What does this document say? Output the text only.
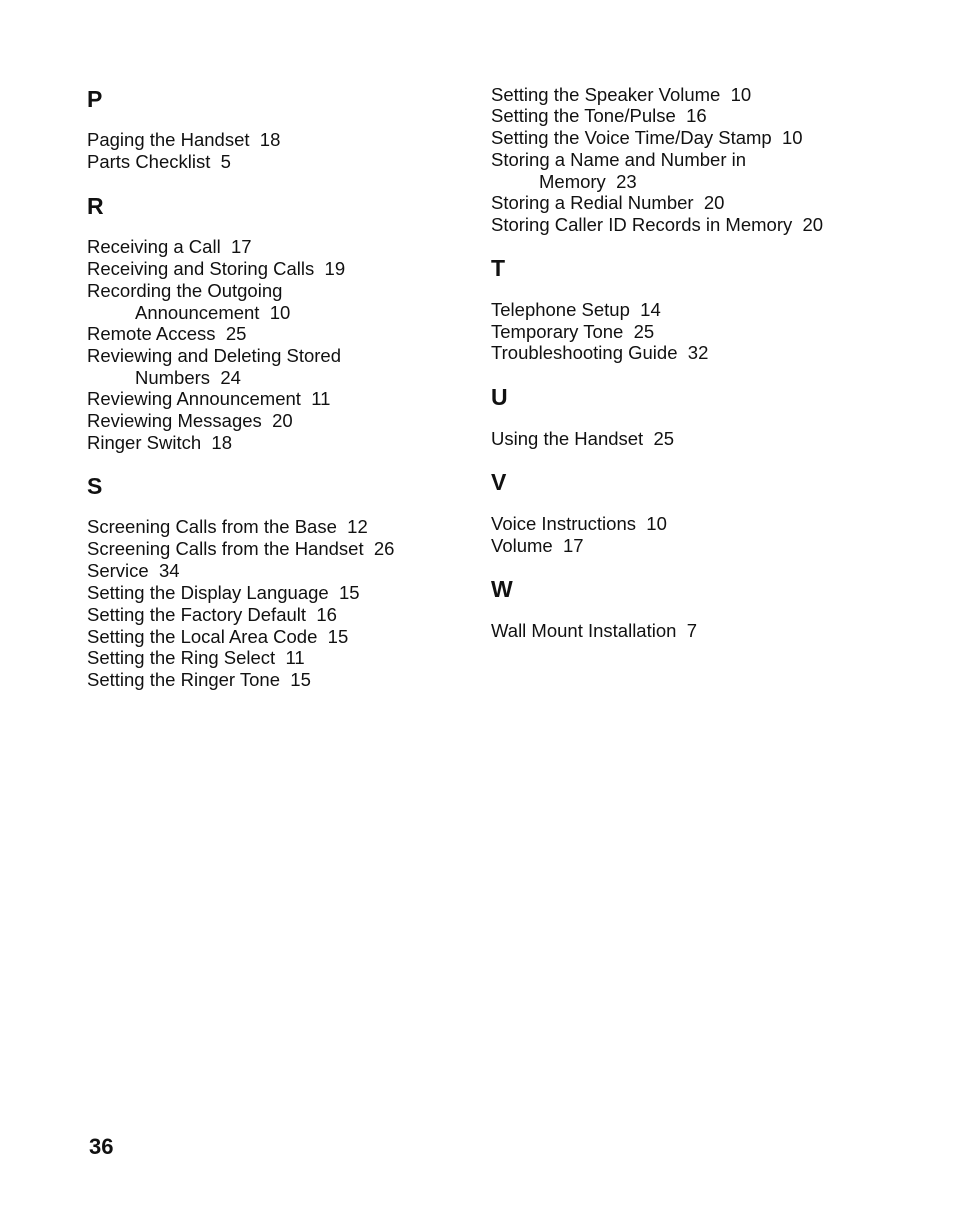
P
Paging the Handset 18
Parts Checklist 5
R
Receiving a Call 17
Receiving and Storing Calls 19
Recording the Outgoing
Announcement 10
Remote Access 25
Reviewing and Deleting Stored
Numbers 24
Reviewing Announcement 11
Reviewing Messages 20
Ringer Switch 18
S
Screening Calls from the Base 12
Screening Calls from the Handset 26
Service 34
Setting the Display Language 15
Setting the Factory Default 16
Setting the Local Area Code 15
Setting the Ring Select 11
Setting the Ringer Tone 15
Setting the Speaker Volume 10
Setting the Tone/Pulse 16
Setting the Voice Time/Day Stamp 10
Storing a Name and Number in
Memory 23
Storing a Redial Number 20
Storing Caller ID Records in Memory 20
T
Telephone Setup 14
Temporary Tone 25
Troubleshooting Guide 32
U
Using the Handset 25
V
Voice Instructions 10
Volume 17
W
Wall Mount Installation 7
36
